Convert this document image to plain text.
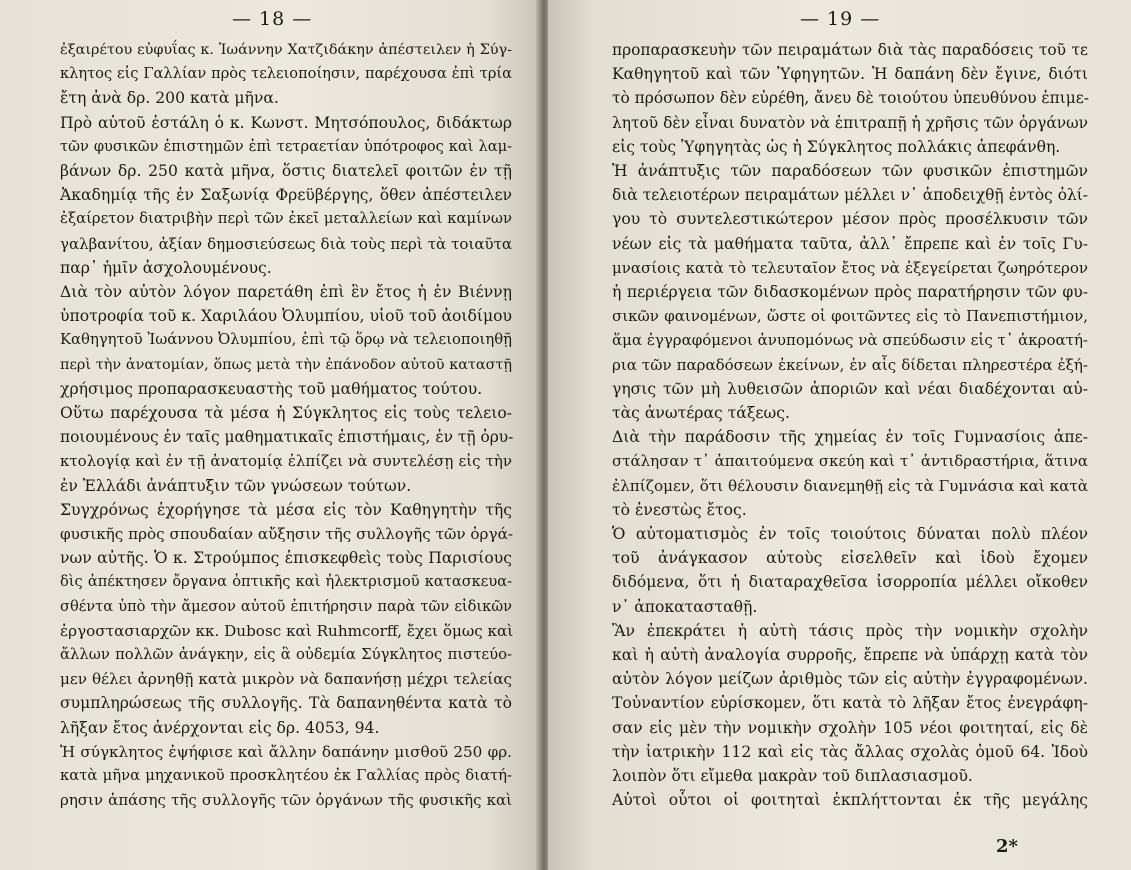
— 18 —
ἐξαιρέτου εὐφυΐας κ. Ἰωάννην Χατζιδάκην ἀπέστειλεν ἡ Σύγ-
κλητος εἰς Γαλλίαν πρὸς τελειοποίησιν, παρέχουσα ἐπὶ τρία
ἔτη ἀνὰ δρ. 200 κατὰ μῆνα.
Πρὸ αὐτοῦ ἐστάλη ὁ κ. Κωνστ. Μητσόπουλος, διδάκτωρ
τῶν φυσικῶν ἐπιστημῶν ἐπὶ τετραετίαν ὑπότροφος καὶ λαμ-
βάνων δρ. 250 κατὰ μῆνα, ὅστις διατελεῖ φοιτῶν ἐν τῇ
Ἀκαδημίᾳ τῆς ἐν Σαξωνίᾳ Φρεϋβέργης, ὅθεν ἀπέστειλεν
ἐξαίρετον διατριβὴν περὶ τῶν ἐκεῖ μεταλλείων καὶ καμίνων
γαλβανίτου, ἀξίαν δημοσιεύσεως διὰ τοὺς περὶ τὰ τοιαῦτα
παρ᾽ ἡμῖν ἀσχολουμένους.
Διὰ τὸν αὐτὸν λόγον παρετάθη ἐπὶ ἓν ἔτος ἡ ἐν Βιέννῃ
ὑποτροφία τοῦ κ. Χαριλάου Ὀλυμπίου, υἱοῦ τοῦ ἀοιδίμου
Καθηγητοῦ Ἰωάννου Ὀλυμπίου, ἐπὶ τῷ ὅρῳ νὰ τελειοποιηθῇ
περὶ τὴν ἀνατομίαν, ὅπως μετὰ τὴν ἐπάνοδον αὐτοῦ καταστῇ
χρήσιμος προπαρασκευαστὴς τοῦ μαθήματος τούτου.
Οὕτω παρέχουσα τὰ μέσα ἡ Σύγκλητος εἰς τοὺς τελειο-
ποιουμένους ἐν ταῖς μαθηματικαῖς ἐπιστήμαις, ἐν τῇ ὀρυ-
κτολογίᾳ καὶ ἐν τῇ ἀνατομίᾳ ἐλπίζει νὰ συντελέσῃ εἰς τὴν
ἐν Ἑλλάδι ἀνάπτυξιν τῶν γνώσεων τούτων.
Συγχρόνως ἐχορήγησε τὰ μέσα εἰς τὸν Καθηγητὴν τῆς
φυσικῆς πρὸς σπουδαίαν αὔξησιν τῆς συλλογῆς τῶν ὀργά-
νων αὐτῆς. Ὁ κ. Στρούμπος ἐπισκεφθεὶς τοὺς Παρισίους
δὶς ἀπέκτησεν ὄργανα ὀπτικῆς καὶ ἠλεκτρισμοῦ κατασκευα-
σθέντα ὑπὸ τὴν ἄμεσον αὐτοῦ ἐπιτήρησιν παρὰ τῶν εἰδικῶν
ἐργοστασιαρχῶν κκ. Dubosc καὶ Ruhmcorff, ἔχει ὅμως καὶ
ἄλλων πολλῶν ἀνάγκην, εἰς ἃ οὐδεμία Σύγκλητος πιστεύο-
μεν θέλει ἀρνηθῇ κατὰ μικρὸν νὰ δαπανήσῃ μέχρι τελείας
συμπληρώσεως τῆς συλλογῆς. Τὰ δαπανηθέντα κατὰ τὸ
λῆξαν ἔτος ἀνέρχονται εἰς δρ. 4053, 94.
Ἡ σύγκλητος ἐψήφισε καὶ ἄλλην δαπάνην μισθοῦ 250 φρ.
κατὰ μῆνα μηχανικοῦ προσκλητέου ἐκ Γαλλίας πρὸς διατή-
ρησιν ἁπάσης τῆς συλλογῆς τῶν ὀργάνων τῆς φυσικῆς καὶ
— 19 —
προπαρασκευὴν τῶν πειραμάτων διὰ τὰς παραδόσεις τοῦ τε
Καθηγητοῦ καὶ τῶν Ὑφηγητῶν. Ἡ δαπάνη δὲν ἔγινε, διότι
τὸ πρόσωπον δὲν εὑρέθη, ἄνευ δὲ τοιούτου ὑπευθύνου ἐπιμε-
λητοῦ δὲν εἶναι δυνατὸν νὰ ἐπιτραπῇ ἡ χρῆσις τῶν ὀργάνων
εἰς τοὺς Ὑφηγητὰς ὡς ἡ Σύγκλητος πολλάκις ἀπεφάνθη.
Ἡ ἀνάπτυξις τῶν παραδόσεων τῶν φυσικῶν ἐπιστημῶν
διὰ τελειοτέρων πειραμάτων μέλλει ν᾽ ἀποδειχθῇ ἐντὸς ὀλί-
γου τὸ συντελεστικώτερον μέσον πρὸς προσέλκυσιν τῶν
νέων εἰς τὰ μαθήματα ταῦτα, ἀλλ᾽ ἔπρεπε καὶ ἐν τοῖς Γυ-
μνασίοις κατὰ τὸ τελευταῖον ἔτος νὰ ἐξεγείρεται ζωηρότερον
ἡ περιέργεια τῶν διδασκομένων πρὸς παρατήρησιν τῶν φυ-
σικῶν φαινομένων, ὥστε οἱ φοιτῶντες εἰς τὸ Πανεπιστήμιον,
ἅμα ἐγγραφόμενοι ἀνυπομόνως νὰ σπεύδωσιν εἰς τ᾽ ἀκροατή-
ρια τῶν παραδόσεων ἐκείνων, ἐν αἷς δίδεται πληρεστέρα ἐξή-
γησις τῶν μὴ λυθεισῶν ἀποριῶν καὶ νέαι διαδέχονται αὐ-
τὰς ἀνωτέρας τάξεως.
Διὰ τὴν παράδοσιν τῆς χημείας ἐν τοῖς Γυμνασίοις ἀπε-
στάλησαν τ᾽ ἀπαιτούμενα σκεύη καὶ τ᾽ ἀντιδραστήρια, ἅτινα
ἐλπίζομεν, ὅτι θέλουσιν διανεμηθῇ εἰς τὰ Γυμνάσια καὶ κατὰ
τὸ ἐνεστὼς ἔτος.
Ὁ αὐτοματισμὸς ἐν τοῖς τοιούτοις δύναται πολὺ πλέον
τοῦ ἀνάγκασον αὐτοὺς εἰσελθεῖν καὶ ἰδοὺ ἔχομεν
διδόμενα, ὅτι ἡ διαταραχθεῖσα ἰσορροπία μέλλει οἴκοθεν
ν᾽ ἀποκατασταθῇ.
Ἂν ἐπεκράτει ἡ αὐτὴ τάσις πρὸς τὴν νομικὴν σχολὴν
καὶ ἡ αὐτὴ ἀναλογία συρροῆς, ἔπρεπε νὰ ὑπάρχῃ κατὰ τὸν
αὐτὸν λόγον μείζων ἀριθμὸς τῶν εἰς αὐτὴν ἐγγραφομένων.
Τοὐναντίον εὑρίσκομεν, ὅτι κατὰ τὸ λῆξαν ἔτος ἐνεγράφη-
σαν εἰς μὲν τὴν νομικὴν σχολὴν 105 νέοι φοιτηταί, εἰς δὲ
τὴν ἰατρικὴν 112 καὶ εἰς τὰς ἄλλας σχολὰς ὁμοῦ 64. Ἰδοὺ
λοιπὸν ὅτι εἴμεθα μακρὰν τοῦ διπλασιασμοῦ.
Αὐτοὶ οὗτοι οἱ φοιτηταὶ ἐκπλήττονται ἐκ τῆς μεγάλης
2*
